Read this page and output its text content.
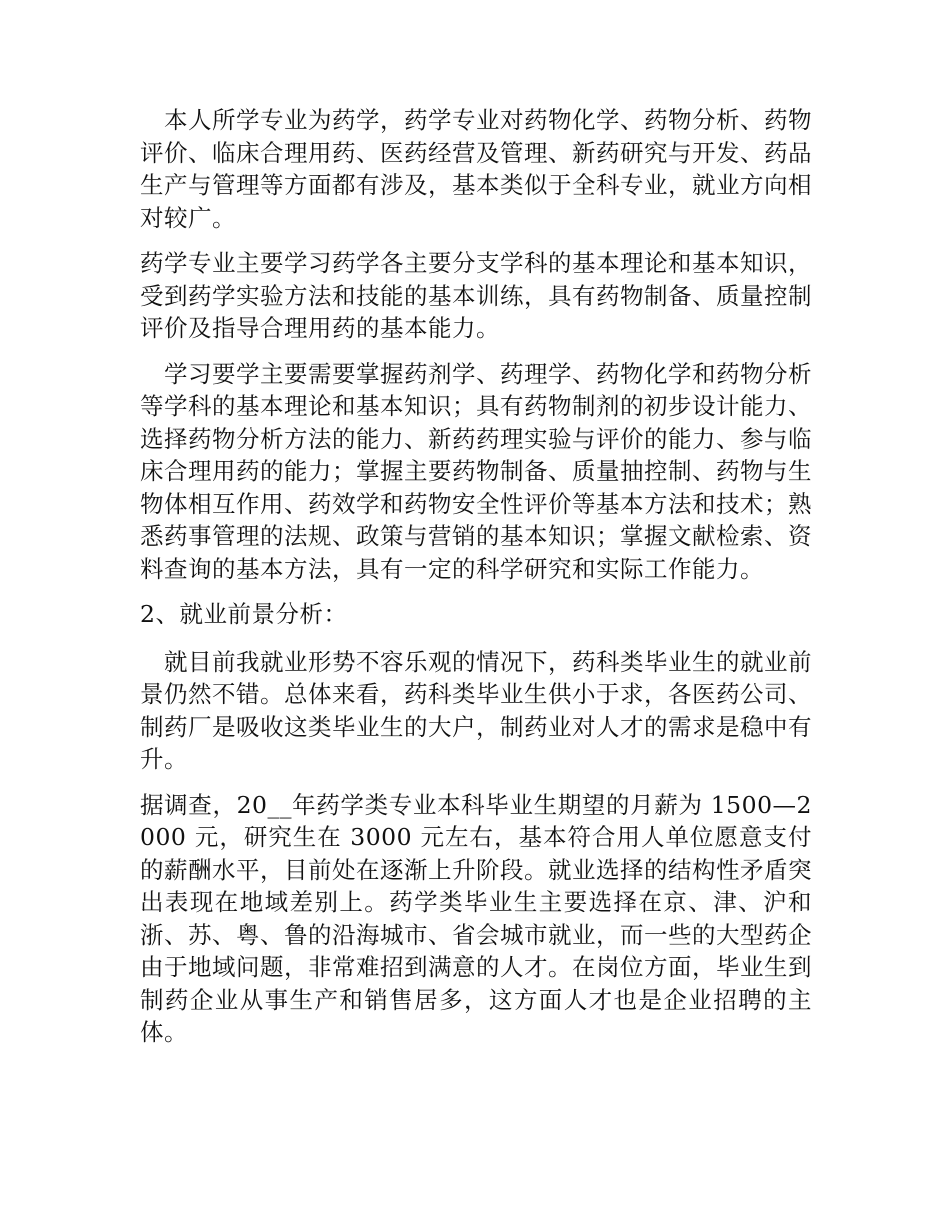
本人所学专业为药学，药学专业对药物化学、药物分析、药物评价、临床合理用药、医药经营及管理、新药研究与开发、药品生产与管理等方面都有涉及，基本类似于全科专业，就业方向相对较广。

药学专业主要学习药学各主要分支学科的基本理论和基本知识，受到药学实验方法和技能的基本训练，具有药物制备、质量控制评价及指导合理用药的基本能力。

学习要学主要需要掌握药剂学、药理学、药物化学和药物分析等学科的基本理论和基本知识；具有药物制剂的初步设计能力、选择药物分析方法的能力、新药药理实验与评价的能力、参与临床合理用药的能力；掌握主要药物制备、质量抽控制、药物与生物体相互作用、药效学和药物安全性评价等基本方法和技术；熟悉药事管理的法规、政策与营销的基本知识；掌握文献检索、资料查询的基本方法，具有一定的科学研究和实际工作能力。

2、就业前景分析：

就目前我就业形势不容乐观的情况下，药科类毕业生的就业前景仍然不错。总体来看，药科类毕业生供小于求，各医药公司、制药厂是吸收这类毕业生的大户，制药业对人才的需求是稳中有升。

据调查，20__年药学类专业本科毕业生期望的月薪为 1500—2000 元，研究生在 3000 元左右，基本符合用人单位愿意支付的薪酬水平，目前处在逐渐上升阶段。就业选择的结构性矛盾突出表现在地域差别上。药学类毕业生主要选择在京、津、沪和浙、苏、粤、鲁的沿海城市、省会城市就业，而一些的大型药企由于地域问题，非常难招到满意的人才。在岗位方面，毕业生到制药企业从事生产和销售居多，这方面人才也是企业招聘的主体。
